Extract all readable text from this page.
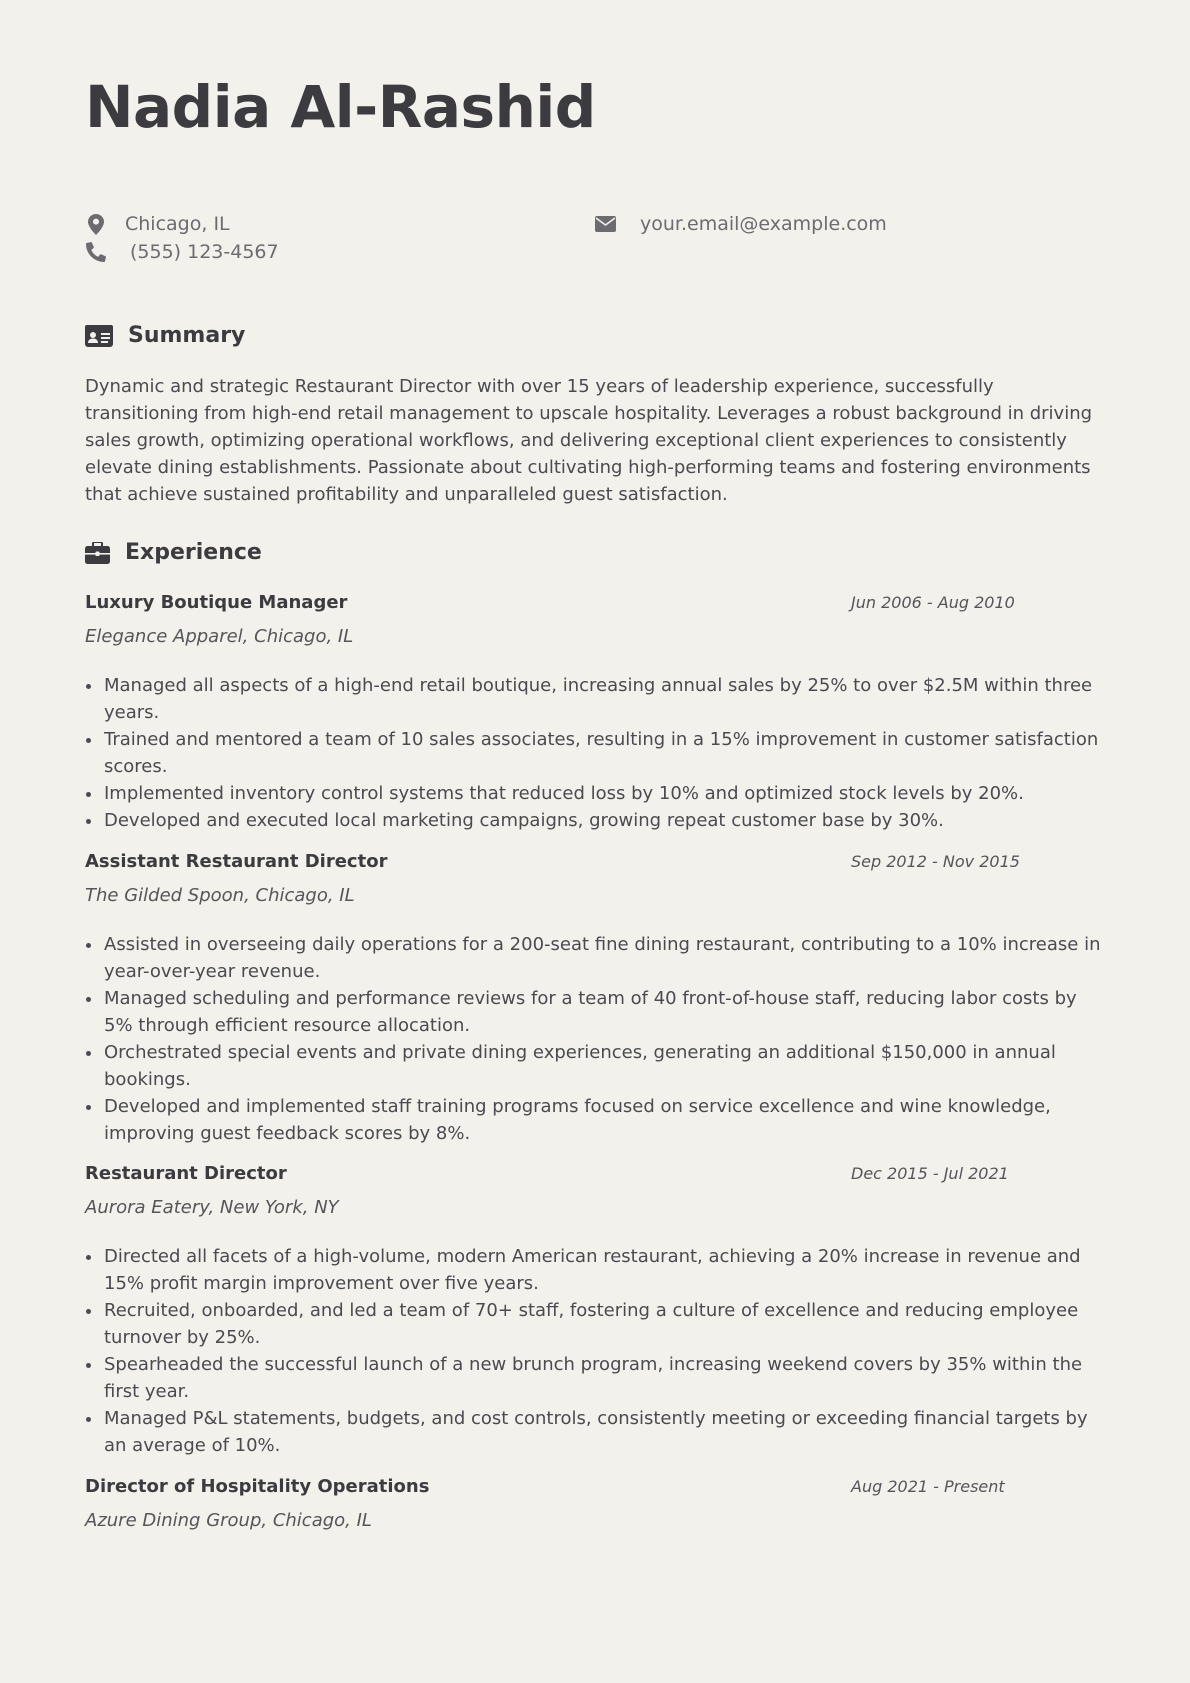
Nadia Al-Rashid
Chicago, IL
(555) 123-4567
your.email@example.com
Summary
Dynamic and strategic Restaurant Director with over 15 years of leadership experience, successfully transitioning from high-end retail management to upscale hospitality. Leverages a robust background in driving sales growth, optimizing operational workflows, and delivering exceptional client experiences to consistently elevate dining establishments. Passionate about cultivating high-performing teams and fostering environments that achieve sustained profitability and unparalleled guest satisfaction.
Experience
Luxury Boutique Manager	Jun 2006 - Aug 2010
Elegance Apparel, Chicago, IL
Managed all aspects of a high-end retail boutique, increasing annual sales by 25% to over $2.5M within three years.
Trained and mentored a team of 10 sales associates, resulting in a 15% improvement in customer satisfaction scores.
Implemented inventory control systems that reduced loss by 10% and optimized stock levels by 20%.
Developed and executed local marketing campaigns, growing repeat customer base by 30%.
Assistant Restaurant Director	Sep 2012 - Nov 2015
The Gilded Spoon, Chicago, IL
Assisted in overseeing daily operations for a 200-seat fine dining restaurant, contributing to a 10% increase in year-over-year revenue.
Managed scheduling and performance reviews for a team of 40 front-of-house staff, reducing labor costs by 5% through efficient resource allocation.
Orchestrated special events and private dining experiences, generating an additional $150,000 in annual bookings.
Developed and implemented staff training programs focused on service excellence and wine knowledge, improving guest feedback scores by 8%.
Restaurant Director	Dec 2015 - Jul 2021
Aurora Eatery, New York, NY
Directed all facets of a high-volume, modern American restaurant, achieving a 20% increase in revenue and 15% profit margin improvement over five years.
Recruited, onboarded, and led a team of 70+ staff, fostering a culture of excellence and reducing employee turnover by 25%.
Spearheaded the successful launch of a new brunch program, increasing weekend covers by 35% within the first year.
Managed P&L statements, budgets, and cost controls, consistently meeting or exceeding financial targets by an average of 10%.
Director of Hospitality Operations	Aug 2021 - Present
Azure Dining Group, Chicago, IL
